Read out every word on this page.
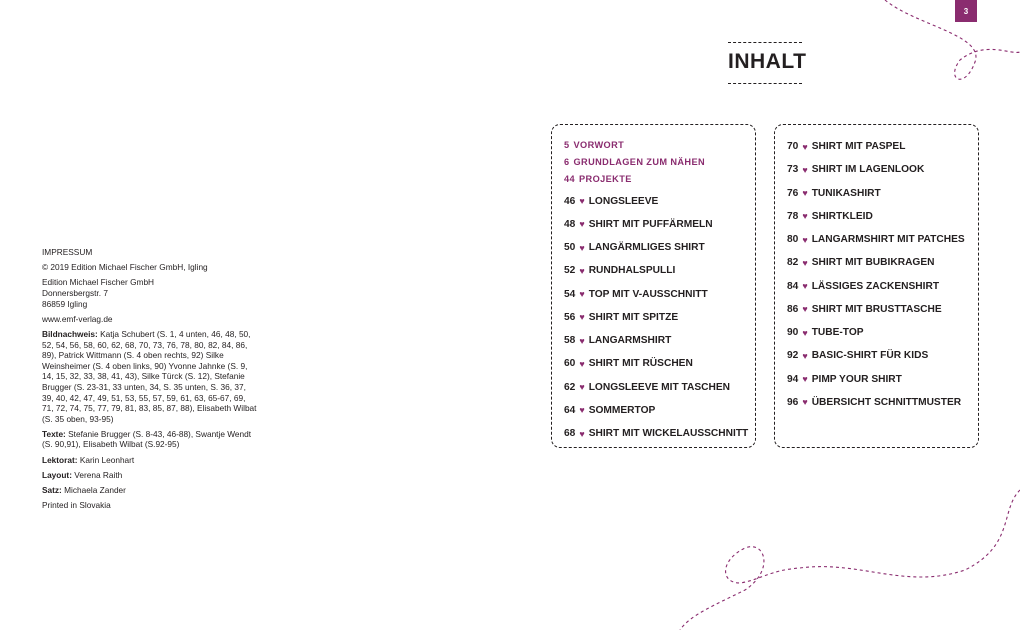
3
INHALT

IMPRESSUM

© 2019 Edition Michael Fischer GmbH, Igling

Edition Michael Fischer GmbH
Donnersbergstr. 7
86859 Igling

www.emf-verlag.de

Bildnachweis: Katja Schubert (S. 1, 4 unten, 46, 48, 50, 52, 54, 56, 58, 60, 62, 68, 70, 73, 76, 78, 80, 82, 84, 86, 89), Patrick Wittmann (S. 4 oben rechts, 92) Silke Weinsheimer (S. 4 oben links, 90) Yvonne Jahnke (S. 9, 14, 15, 32, 33, 38, 41, 43), Silke Türck (S. 12), Stefanie Brugger (S. 23-31, 33 unten, 34, S. 35 unten, S. 36, 37, 39, 40, 42, 47, 49, 51, 53, 55, 57, 59, 61, 63, 65-67, 69, 71, 72, 74, 75, 77, 79, 81, 83, 85, 87, 88), Elisabeth Wilbat (S. 35 oben, 93-95)

Texte: Stefanie Brugger (S. 8-43, 46-88), Swantje Wendt (S. 90,91), Elisabeth Wilbat (S.92-95)

Lektorat: Karin Leonhart

Layout: Verena Raith

Satz: Michaela Zander

Printed in Slovakia

5 VORWORT
6 GRUNDLAGEN ZUM NÄHEN
44 PROJEKTE
46 ♥ LONGSLEEVE
48 ♥ SHIRT MIT PUFFÄRMELN
50 ♥ LANGÄRMLIGES SHIRT
52 ♥ RUNDHALSPULLI
54 ♥ TOP MIT V-AUSSCHNITT
56 ♥ SHIRT MIT SPITZE
58 ♥ LANGARMSHIRT
60 ♥ SHIRT MIT RÜSCHEN
62 ♥ LONGSLEEVE MIT TASCHEN
64 ♥ SOMMERTOP
68 ♥ SHIRT MIT WICKELAUSSCHNITT
70 ♥ SHIRT MIT PASPEL
73 ♥ SHIRT IM LAGENLOOK
76 ♥ TUNIKASHIRT
78 ♥ SHIRTKLEID
80 ♥ LANGARMSHIRT MIT PATCHES
82 ♥ SHIRT MIT BUBIKRAGEN
84 ♥ LÄSSIGES ZACKENSHIRT
86 ♥ SHIRT MIT BRUSTTASCHE
90 ♥ TUBE-TOP
92 ♥ BASIC-SHIRT FÜR KIDS
94 ♥ PIMP YOUR SHIRT
96 ♥ ÜBERSICHT SCHNITTMUSTER
